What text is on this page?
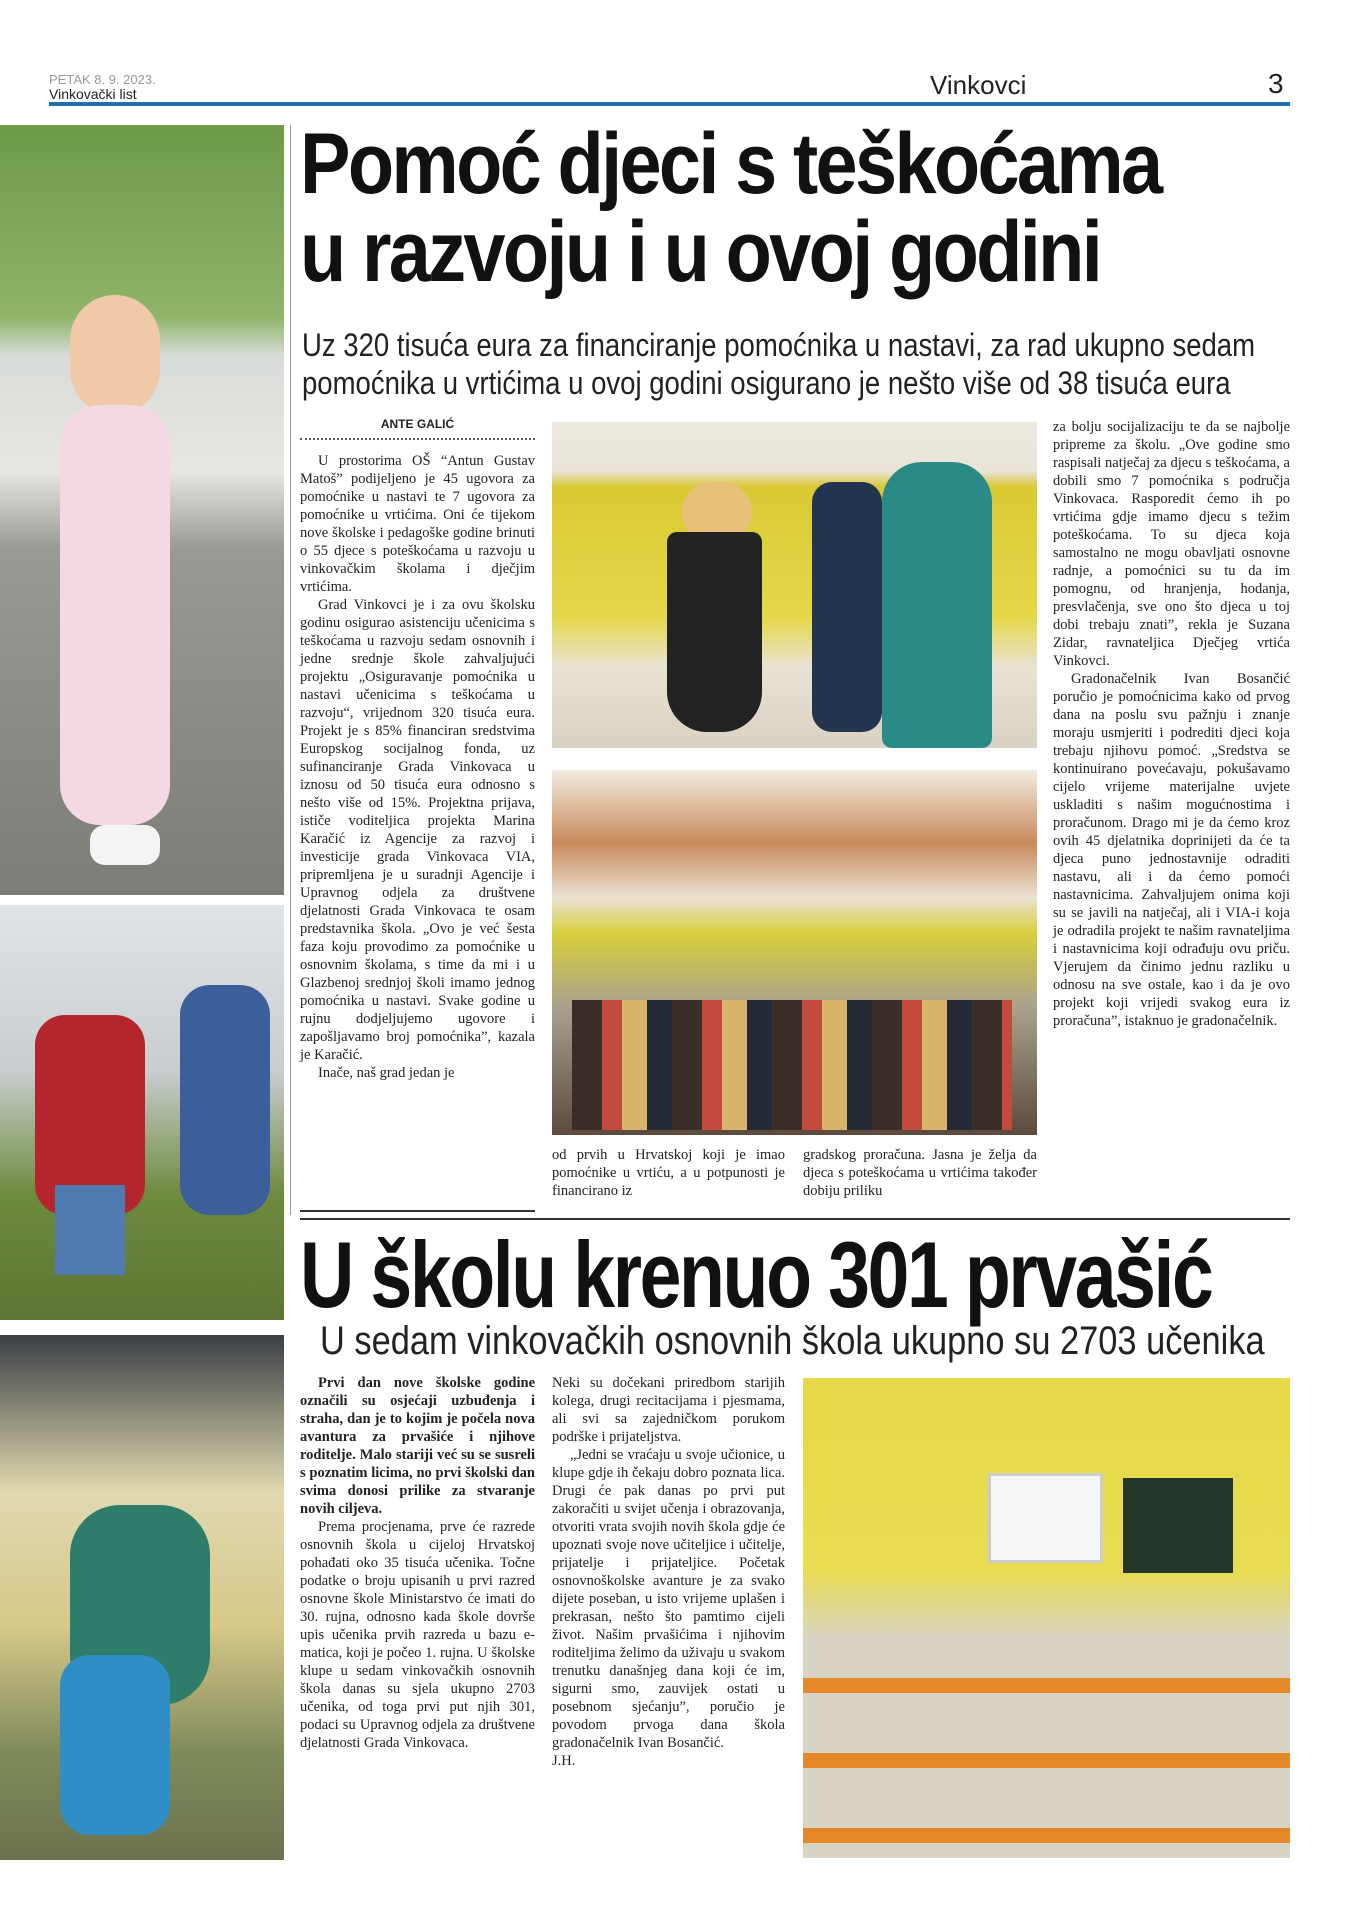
PETAK 8. 9. 2023.
Vinkovački list	Vinkovci	3
Pomoć djeci s teškoćama
u razvoju i u ovoj godini
Uz 320 tisuća eura za financiranje pomoćnika u nastavi, za rad ukupno sedam
pomoćnika u vrtićima u ovoj godini osigurano je nešto više od 38 tisuća eura
ANTE GALIĆ

U prostorima OŠ “Antun Gustav Matoš” podijeljeno je 45 ugovora za pomoćnike u nastavi te 7 ugovora za pomoćnike u vrtićima. Oni će tijekom nove školske i pedagoške godine brinuti o 55 djece s poteškoćama u razvoju u vinkovačkim školama i dječjim vrtićima.

Grad Vinkovci je i za ovu školsku godinu osigurao asistenciju učenicima s teškoćama u razvoju sedam osnovnih i jedne srednje škole zahvaljujući projektu „Osiguravanje pomoćnika u nastavi učenicima s teškoćama u razvoju“, vrijednom 320 tisuća eura. Projekt je s 85% financiran sredstvima Europskog socijalnog fonda, uz sufinanciranje Grada Vinkovaca u iznosu od 50 tisuća eura odnosno s nešto više od 15%. Projektna prijava, ističe voditeljica projekta Marina Karačić iz Agencije za razvoj i investicije grada Vinkovaca VIA, pripremljena je u suradnji Agencije i Upravnog odjela za društvene djelatnosti Grada Vinkovaca te osam predstavnika škola. „Ovo je već šesta faza koju provodimo za pomoćnike u osnovnim školama, s time da mi i u Glazbenoj srednjoj školi imamo jednog pomoćnika u nastavi. Svake godine u rujnu dodjeljujemo ugovore i zapošljavamo broj pomoćnika”, kazala je Karačić.

Inače, naš grad jedan je

od prvih u Hrvatskoj koji je imao pomoćnike u vrtiću, a u potpunosti je financirano iz

gradskog proračuna. Jasna je želja da djeca s poteškoćama u vrtićima također dobiju priliku

za bolju socijalizaciju te da se najbolje pripreme za školu. „Ove godine smo raspisali natječaj za djecu s teškoćama, a dobili smo 7 pomoćnika s područja Vinkovaca. Rasporedit ćemo ih po vrtićima gdje imamo djecu s težim poteškoćama. To su djeca koja samostalno ne mogu obavljati osnovne radnje, a pomoćnici su tu da im pomognu, od hranjenja, hodanja, presvlačenja, sve ono što djeca u toj dobi trebaju znati”, rekla je Suzana Zidar, ravnateljica Dječjeg vrtića Vinkovci.

Gradonačelnik Ivan Bosančić poručio je pomoćnicima kako od prvog dana na poslu svu pažnju i znanje moraju usmjeriti i podrediti djeci koja trebaju njihovu pomoć. „Sredstva se kontinuirano povećavaju, pokušavamo cijelo vrijeme materijalne uvjete uskladiti s našim mogućnostima i proračunom. Drago mi je da ćemo kroz ovih 45 djelatnika doprinijeti da će ta djeca puno jednostavnije odraditi nastavu, ali i da ćemo pomoći nastavnicima. Zahvaljujem onima koji su se javili na natječaj, ali i VIA-i koja je odradila projekt te našim ravnateljima i nastavnicima koji odrađuju ovu priču. Vjerujem da činimo jednu razliku u odnosu na sve ostale, kao i da je ovo projekt koji vrijedi svakog eura iz proračuna”, istaknuo je gradonačelnik.

U školu krenuo 301 prvašić
U sedam vinkovačkih osnovnih škola ukupno su 2703 učenika

Prvi dan nove školske godine označili su osjećaji uzbuđenja i straha, dan je to kojim je počela nova avantura za prvašiće i njihove roditelje. Malo stariji već su se susreli s poznatim licima, no prvi školski dan svima donosi prilike za stvaranje novih ciljeva.

Prema procjenama, prve će razrede osnovnih škola u cijeloj Hrvatskoj pohađati oko 35 tisuća učenika. Točne podatke o broju upisanih u prvi razred osnovne škole Ministarstvo će imati do 30. rujna, odnosno kada škole dovrše upis učenika prvih razreda u bazu e-matica, koji je počeo 1. rujna. U školske klupe u sedam vinkovačkih osnovnih škola danas su sjela ukupno 2703 učenika, od toga prvi put njih 301, podaci su Upravnog odjela za društvene djelatnosti Grada Vinkovaca.

Neki su dočekani priredbom starijih kolega, drugi recitacijama i pjesmama, ali svi sa zajedničkom porukom podrške i prijateljstva.

„Jedni se vraćaju u svoje učionice, u klupe gdje ih čekaju dobro poznata lica. Drugi će pak danas po prvi put zakoračiti u svijet učenja i obrazovanja, otvoriti vrata svojih novih škola gdje će upoznati svoje nove učiteljice i učitelje, prijatelje i prijateljice. Početak osnovnoškolske avanture je za svako dijete poseban, u isto vrijeme uplašen i prekrasan, nešto što pamtimo cijeli život. Našim prvašićima i njihovim roditeljima želimo da uživaju u svakom trenutku današnjeg dana koji će im, sigurni smo, zauvijek ostati u posebnom sjećanju”, poručio je povodom prvoga dana škola gradonačelnik Ivan Bosančić.

J.H.
